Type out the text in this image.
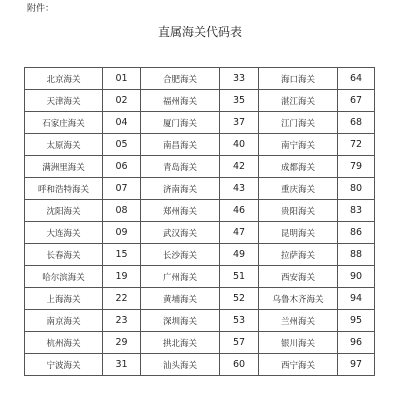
附件：
直属海关代码表
北京海关	01	合肥海关	33	海口海关	64
天津海关	02	福州海关	35	湛江海关	67
石家庄海关	04	厦门海关	37	江门海关	68
太原海关	05	南昌海关	40	南宁海关	72
满洲里海关	06	青岛海关	42	成都海关	79
呼和浩特海关	07	济南海关	43	重庆海关	80
沈阳海关	08	郑州海关	46	贵阳海关	83
大连海关	09	武汉海关	47	昆明海关	86
长春海关	15	长沙海关	49	拉萨海关	88
哈尔滨海关	19	广州海关	51	西安海关	90
上海海关	22	黄埔海关	52	乌鲁木齐海关	94
南京海关	23	深圳海关	53	兰州海关	95
杭州海关	29	拱北海关	57	银川海关	96
宁波海关	31	汕头海关	60	西宁海关	97
